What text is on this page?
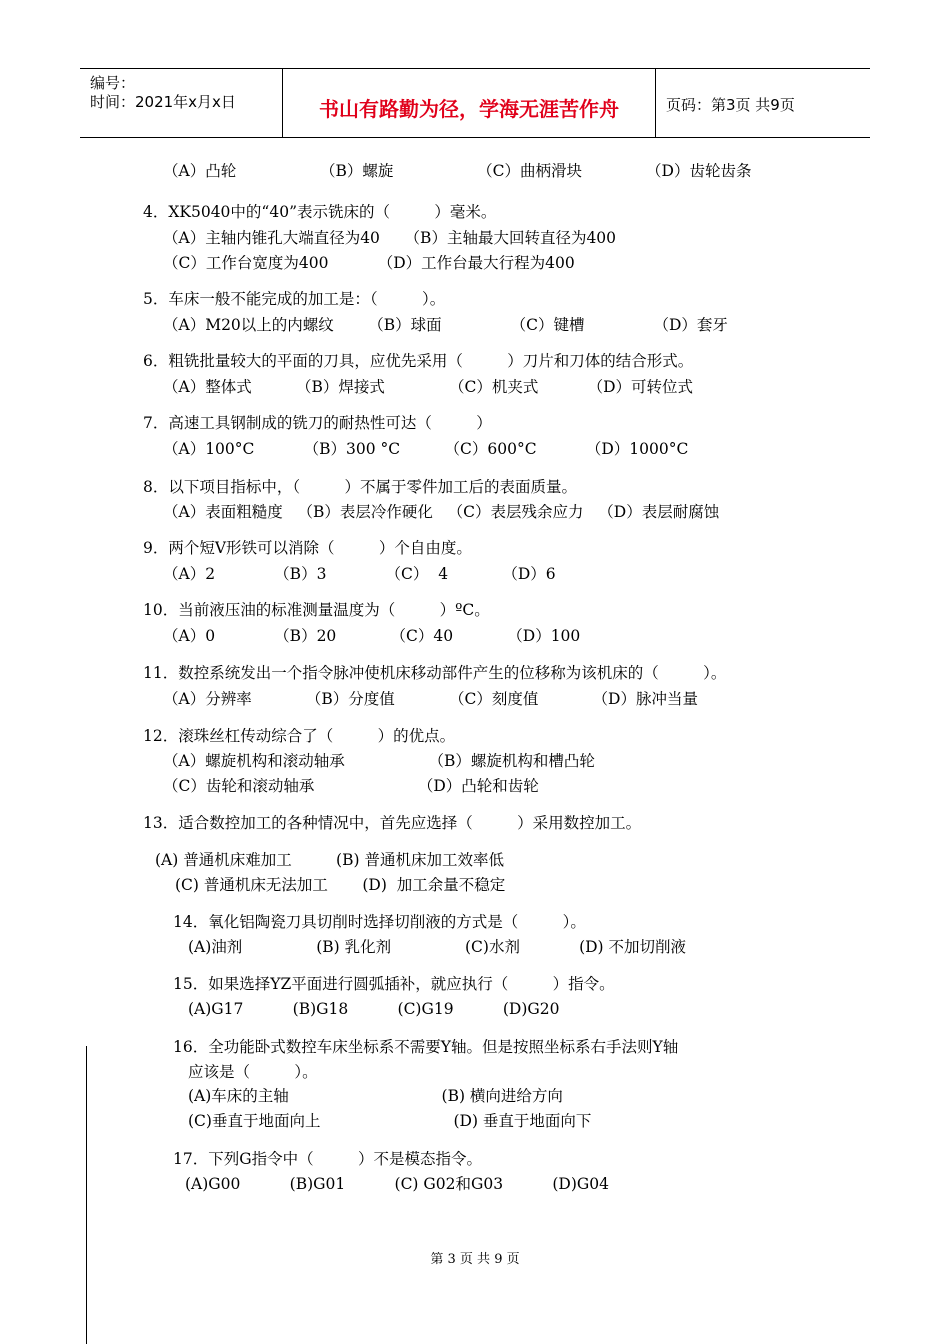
编号：
时间：2021年x月x日	书山有路勤为径，学海无涯苦作舟	页码：第3页 共9页
（A）凸轮                 （B）螺旋                 （C）曲柄滑块             （D）齿轮齿条
4．XK5040中的“40”表示铣床的（         ）毫米。
（A）主轴内锥孔大端直径为40     （B）主轴最大回转直径为400
（C）工作台宽度为400          （D）工作台最大行程为400
5．车床一般不能完成的加工是：（         ）。
（A）M20以上的内螺纹       （B）球面              （C）键槽              （D）套牙
6．粗铣批量较大的平面的刀具，应优先采用（         ）刀片和刀体的结合形式。
（A）整体式         （B）焊接式             （C）机夹式          （D）可转位式
7．高速工具钢制成的铣刀的耐热性可达（         ）
（A）100°C          （B）300 °C         （C）600°C          （D）1000°C
8．以下项目指标中，（         ）不属于零件加工后的表面质量。
（A）表面粗糙度   （B）表层冷作硬化   （C）表层残余应力   （D）表层耐腐蚀
9．两个短V形铁可以消除（         ）个自由度。
（A）2            （B）3            （C）  4           （D）6
10．当前液压油的标准测量温度为（         ）ºC。
（A）0            （B）20           （C）40           （D）100
11．数控系统发出一个指令脉冲使机床移动部件产生的位移称为该机床的（         ）。
（A）分辨率           （B）分度值           （C）刻度值           （D）脉冲当量
12．滚珠丝杠传动综合了（         ）的优点。
（A）螺旋机构和滚动轴承                 （B）螺旋机构和槽凸轮
（C）齿轮和滚动轴承                     （D）凸轮和齿轮
13．适合数控加工的各种情况中，首先应选择（         ）采用数控加工。
(A) 普通机床难加工         (B) 普通机床加工效率低
(C) 普通机床无法加工       (D)  加工余量不稳定
14．氧化铝陶瓷刀具切削时选择切削液的方式是（         ）。
(A)油剂               (B) 乳化剂               (C)水剂            (D) 不加切削液
15．如果选择YZ平面进行圆弧插补，就应执行（         ）指令。
(A)G17          (B)G18          (C)G19          (D)G20
16．全功能卧式数控车床坐标系不需要Y轴。但是按照坐标系右手法则Y轴
应该是（         ）。
(A)车床的主轴                               (B) 横向进给方向
(C)垂直于地面向上                           (D) 垂直于地面向下
17．下列G指令中（         ）不是模态指令。
(A)G00          (B)G01          (C) G02和G03          (D)G04
第 3 页 共 9 页
